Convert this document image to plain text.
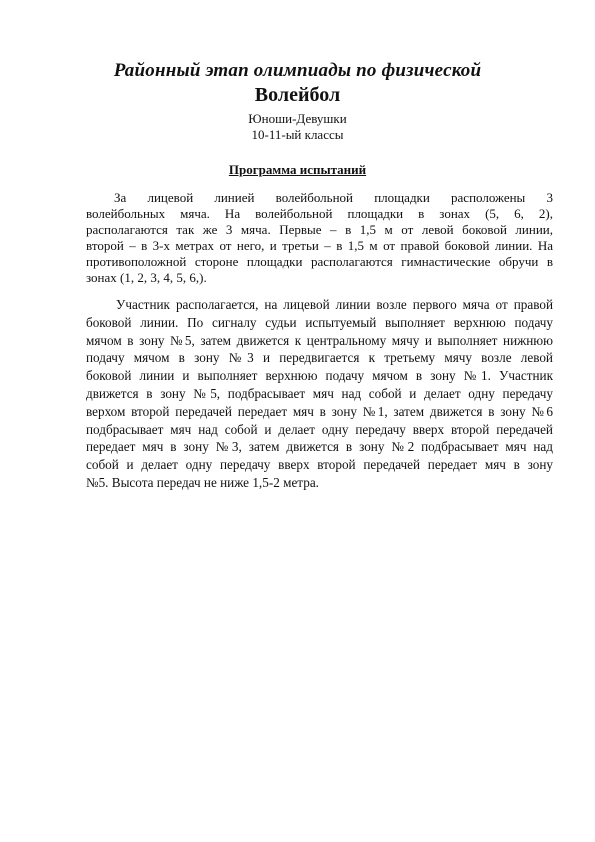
Районный этап олимпиады по физической
Волейбол
Юноши-Девушки
10-11-ый классы
Программа испытаний
За лицевой линией волейбольной площадки расположены 3
волейбольных мяча. На волейбольной площадки в зонах (5, 6, 2),
располагаются так же 3 мяча. Первые – в 1,5 м от левой боковой линии,
второй – в 3-х метрах от него, и третьи – в 1,5 м от правой боковой линии. На
противоположной стороне площадки располагаются гимнастические обручи в
зонах (1, 2, 3, 4, 5, 6,).
Участник располагается, на лицевой линии возле первого мяча от правой
боковой линии. По сигналу судьи испытуемый выполняет верхнюю подачу
мячом в зону №5, затем движется к центральному мячу и выполняет нижнюю
подачу мячом в зону №3 и передвигается к третьему мячу возле левой
боковой линии и выполняет верхнюю подачу мячом в зону №1. Участник
движется в зону №5, подбрасывает мяч над собой и делает одну передачу
верхом второй передачей передает мяч в зону №1, затем движется в зону №6
подбрасывает мяч над собой и делает одну передачу вверх второй передачей
передает мяч в зону №3, затем движется в зону №2 подбрасывает мяч над
собой и делает одну передачу вверх второй передачей передает мяч в зону
№5. Высота передач не ниже 1,5-2 метра.
